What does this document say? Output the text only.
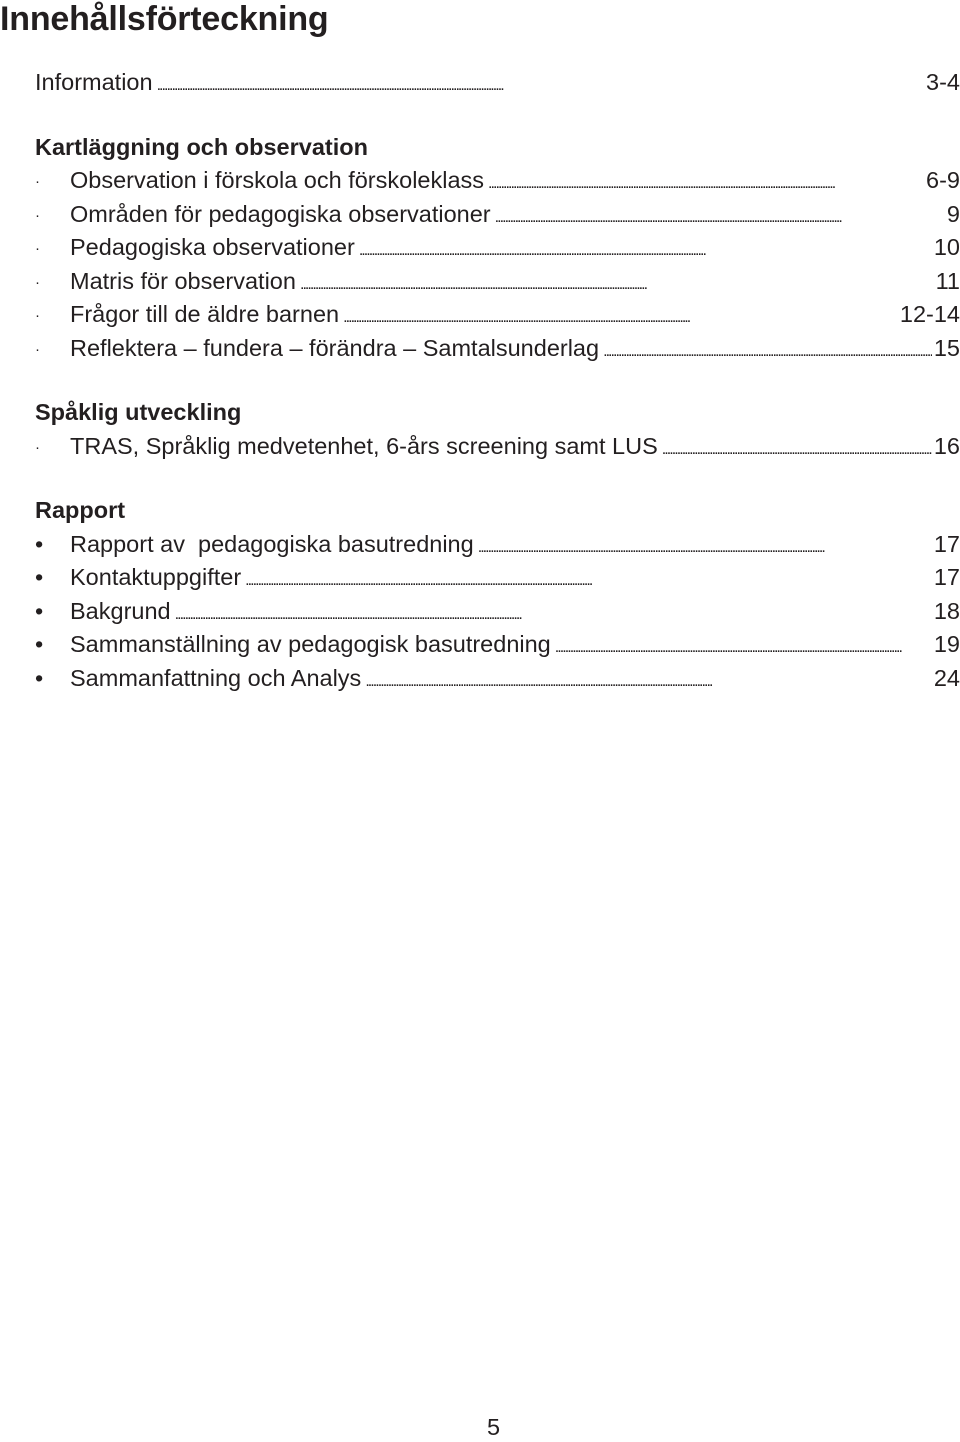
Innehållsförteckning
Information . . .	3-4
Kartläggning och observation
·	Observation i förskola och förskoleklass . . .	6-9
·	Områden för pedagogiska observationer . . .	9
·	Pedagogiska observationer . . .	10
·	Matris för observation . . .	11
·	Frågor till de äldre barnen . . .	12-14
·	Reflektera – fundera – förändra – Samtalsunderlag . . .	15
Spåklig utveckling
·	TRAS, Språklig medvetenhet, 6-års screening samt LUS . . .	16
Rapport
•	Rapport av  pedagogiska basutredning . . .	17
•	Kontaktuppgifter . . .	17
•	Bakgrund . . .	18
•	Sammanställning av pedagogisk basutredning . . .	19
•	Sammanfattning och Analys . . .	24
5
